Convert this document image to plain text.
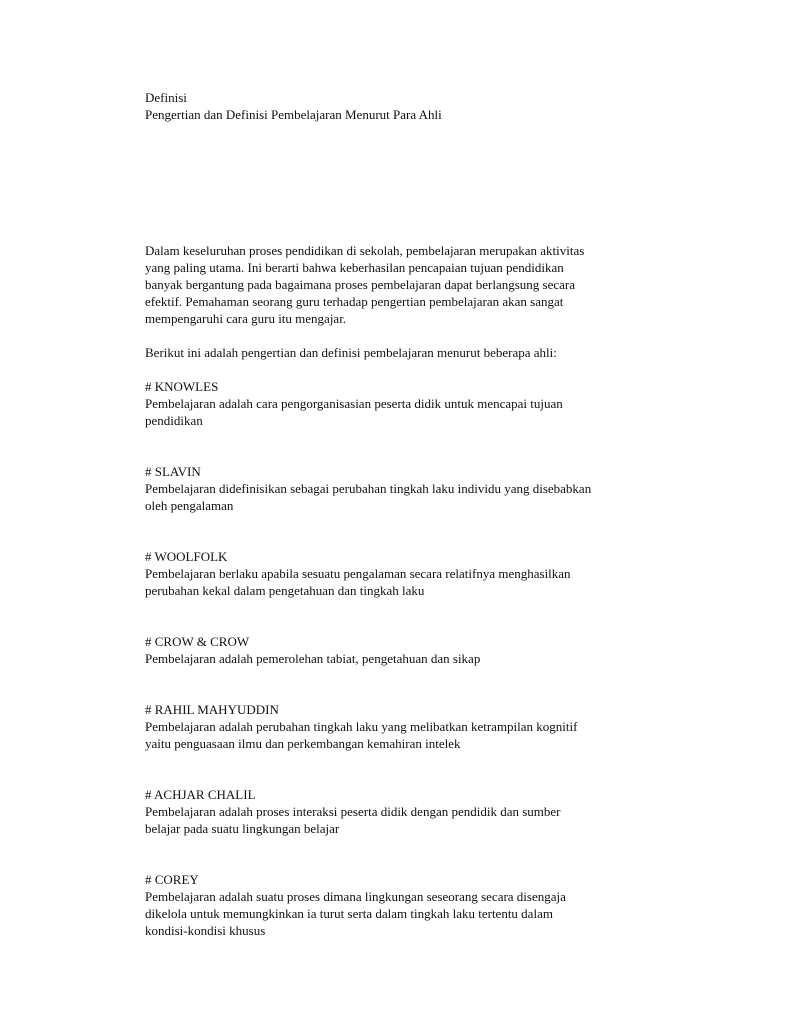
Definisi
Pengertian dan Definisi Pembelajaran Menurut Para Ahli
Dalam keseluruhan proses pendidikan di sekolah, pembelajaran merupakan aktivitas
yang paling utama. Ini berarti bahwa keberhasilan pencapaian tujuan pendidikan
banyak bergantung pada bagaimana proses pembelajaran dapat berlangsung secara
efektif. Pemahaman seorang guru terhadap pengertian pembelajaran akan sangat
mempengaruhi cara guru itu mengajar.
Berikut ini adalah pengertian dan definisi pembelajaran menurut beberapa ahli:
# KNOWLES
Pembelajaran adalah cara pengorganisasian peserta didik untuk mencapai tujuan
pendidikan
# SLAVIN
Pembelajaran didefinisikan sebagai perubahan tingkah laku individu yang disebabkan
oleh pengalaman
# WOOLFOLK
Pembelajaran berlaku apabila sesuatu pengalaman secara relatifnya menghasilkan
perubahan kekal dalam pengetahuan dan tingkah laku
# CROW & CROW
Pembelajaran adalah pemerolehan tabiat, pengetahuan dan sikap
# RAHIL MAHYUDDIN
Pembelajaran adalah perubahan tingkah laku yang melibatkan ketrampilan kognitif
yaitu penguasaan ilmu dan perkembangan kemahiran intelek
# ACHJAR CHALIL
Pembelajaran adalah proses interaksi peserta didik dengan pendidik dan sumber
belajar pada suatu lingkungan belajar
# COREY
Pembelajaran adalah suatu proses dimana lingkungan seseorang secara disengaja
dikelola untuk memungkinkan ia turut serta dalam tingkah laku tertentu dalam
kondisi-kondisi khusus
